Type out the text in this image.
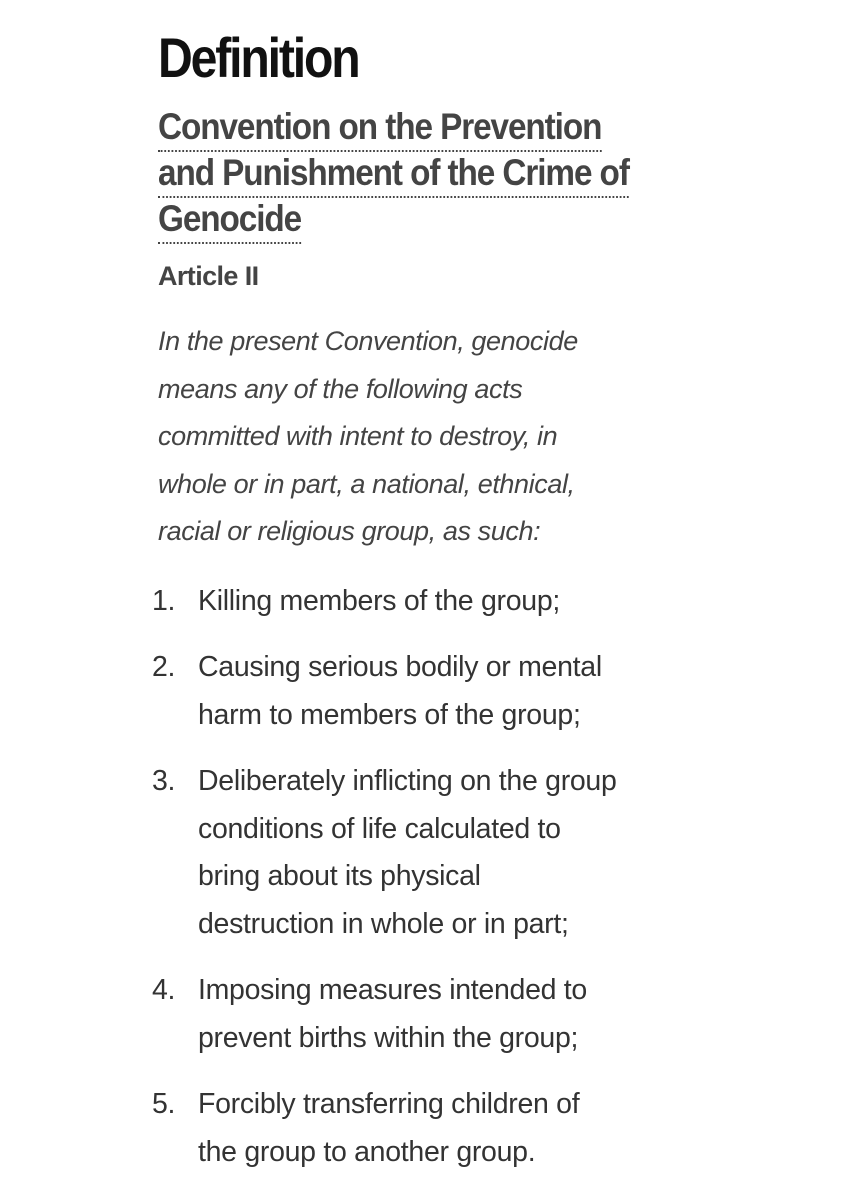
Definition
Convention on the Prevention
and Punishment of the Crime of
Genocide
Article II

In the present Convention, genocide
means any of the following acts
committed with intent to destroy, in
whole or in part, a national, ethnical,
racial or religious group, as such:

1. Killing members of the group;
2. Causing serious bodily or mental
harm to members of the group;
3. Deliberately inflicting on the group
conditions of life calculated to
bring about its physical
destruction in whole or in part;
4. Imposing measures intended to
prevent births within the group;
5. Forcibly transferring children of
the group to another group.
